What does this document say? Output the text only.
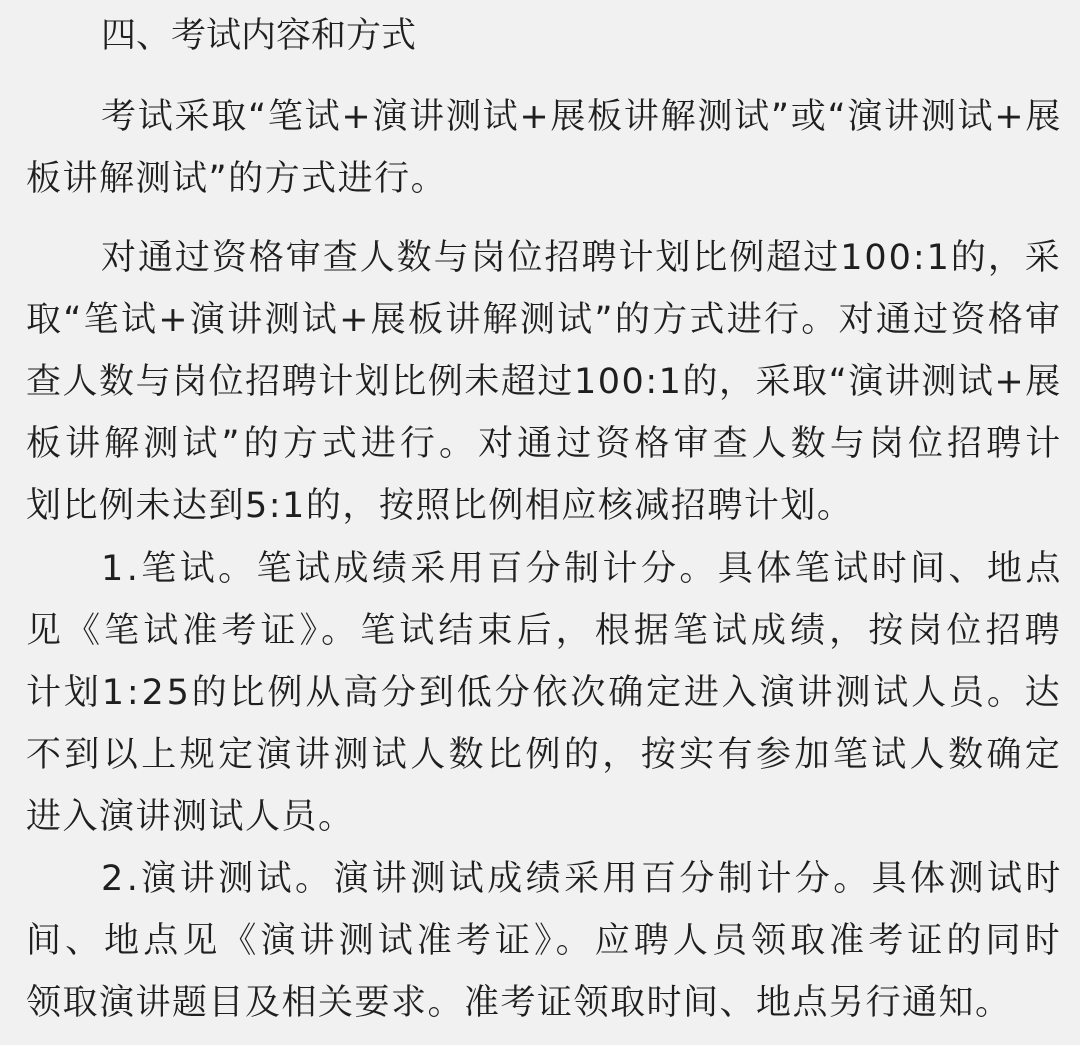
四、考试内容和方式
考试采取“笔试+演讲测试+展板讲解测试”或“演讲测试+展
板讲解测试”的方式进行。
对通过资格审查人数与岗位招聘计划比例超过100:1的，采
取“笔试+演讲测试+展板讲解测试”的方式进行。对通过资格审
查人数与岗位招聘计划比例未超过100:1的，采取“演讲测试+展
板讲解测试”的方式进行。对通过资格审查人数与岗位招聘计
划比例未达到5:1的，按照比例相应核减招聘计划。
1.笔试。笔试成绩采用百分制计分。具体笔试时间、地点
见《笔试准考证》。笔试结束后，根据笔试成绩，按岗位招聘
计划1:25的比例从高分到低分依次确定进入演讲测试人员。达
不到以上规定演讲测试人数比例的，按实有参加笔试人数确定
进入演讲测试人员。
2.演讲测试。演讲测试成绩采用百分制计分。具体测试时
间、地点见《演讲测试准考证》。应聘人员领取准考证的同时
领取演讲题目及相关要求。准考证领取时间、地点另行通知。
